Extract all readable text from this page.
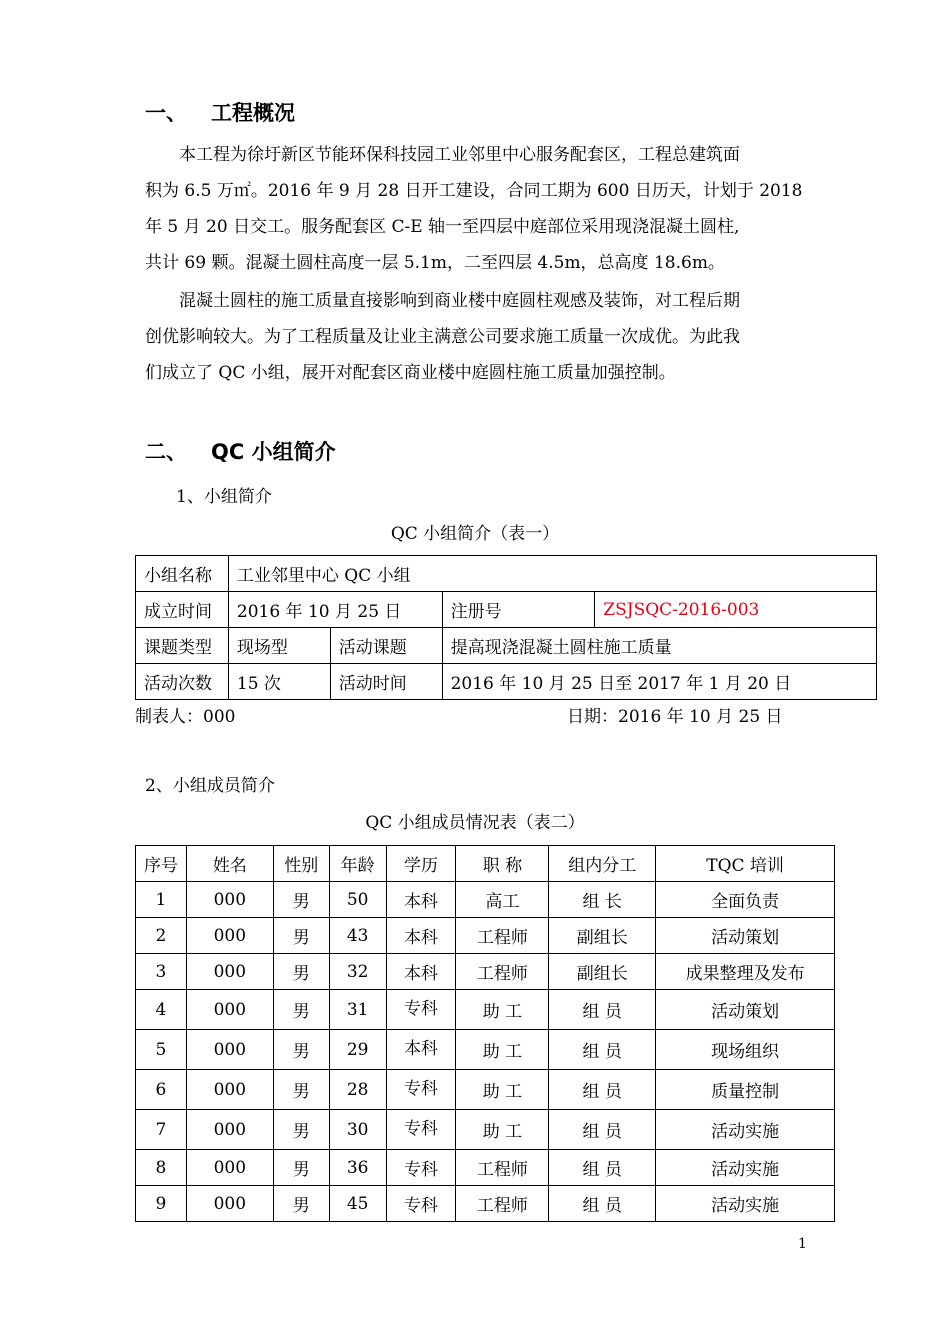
一、 工程概况
本工程为徐圩新区节能环保科技园工业邻里中心服务配套区，工程总建筑面
积为 6.5 万㎡。2016 年 9 月 28 日开工建设，合同工期为 600 日历天，计划于 2018
年 5 月 20 日交工。服务配套区 C-E 轴一至四层中庭部位采用现浇混凝土圆柱,
共计 69 颗。混凝土圆柱高度一层 5.1m，二至四层 4.5m，总高度 18.6m。
混凝土圆柱的施工质量直接影响到商业楼中庭圆柱观感及装饰，对工程后期
创优影响较大。为了工程质量及让业主满意公司要求施工质量一次成优。为此我
们成立了 QC 小组，展开对配套区商业楼中庭圆柱施工质量加强控制。
二、 QC 小组简介
1、小组简介
QC 小组简介（表一）
小组名称	工业邻里中心 QC 小组			
成立时间	2016 年 10 月 25 日		注册号	ZSJSQC-2016-003
课题类型	现场型	活动课题	提高现浇混凝土圆柱施工质量	
活动次数	15 次	活动时间	2016 年 10 月 25 日至 2017 年 1 月 20 日	
制表人：000	日期：2016 年 10 月 25 日
2、小组成员简介
QC 小组成员情况表（表二）
序号	姓名	性别	年龄	学历	职 称	组内分工	TQC 培训
1	000	男	50	本科	高工	组 长	全面负责
2	000	男	43	本科	工程师	副组长	活动策划
3	000	男	32	本科	工程师	副组长	成果整理及发布
4	000	男	31	专科	助 工	组 员	活动策划
5	000	男	29	本科	助 工	组 员	现场组织
6	000	男	28	专科	助 工	组 员	质量控制
7	000	男	30	专科	助 工	组 员	活动实施
8	000	男	36	专科	工程师	组 员	活动实施
9	000	男	45	专科	工程师	组 员	活动实施
1
